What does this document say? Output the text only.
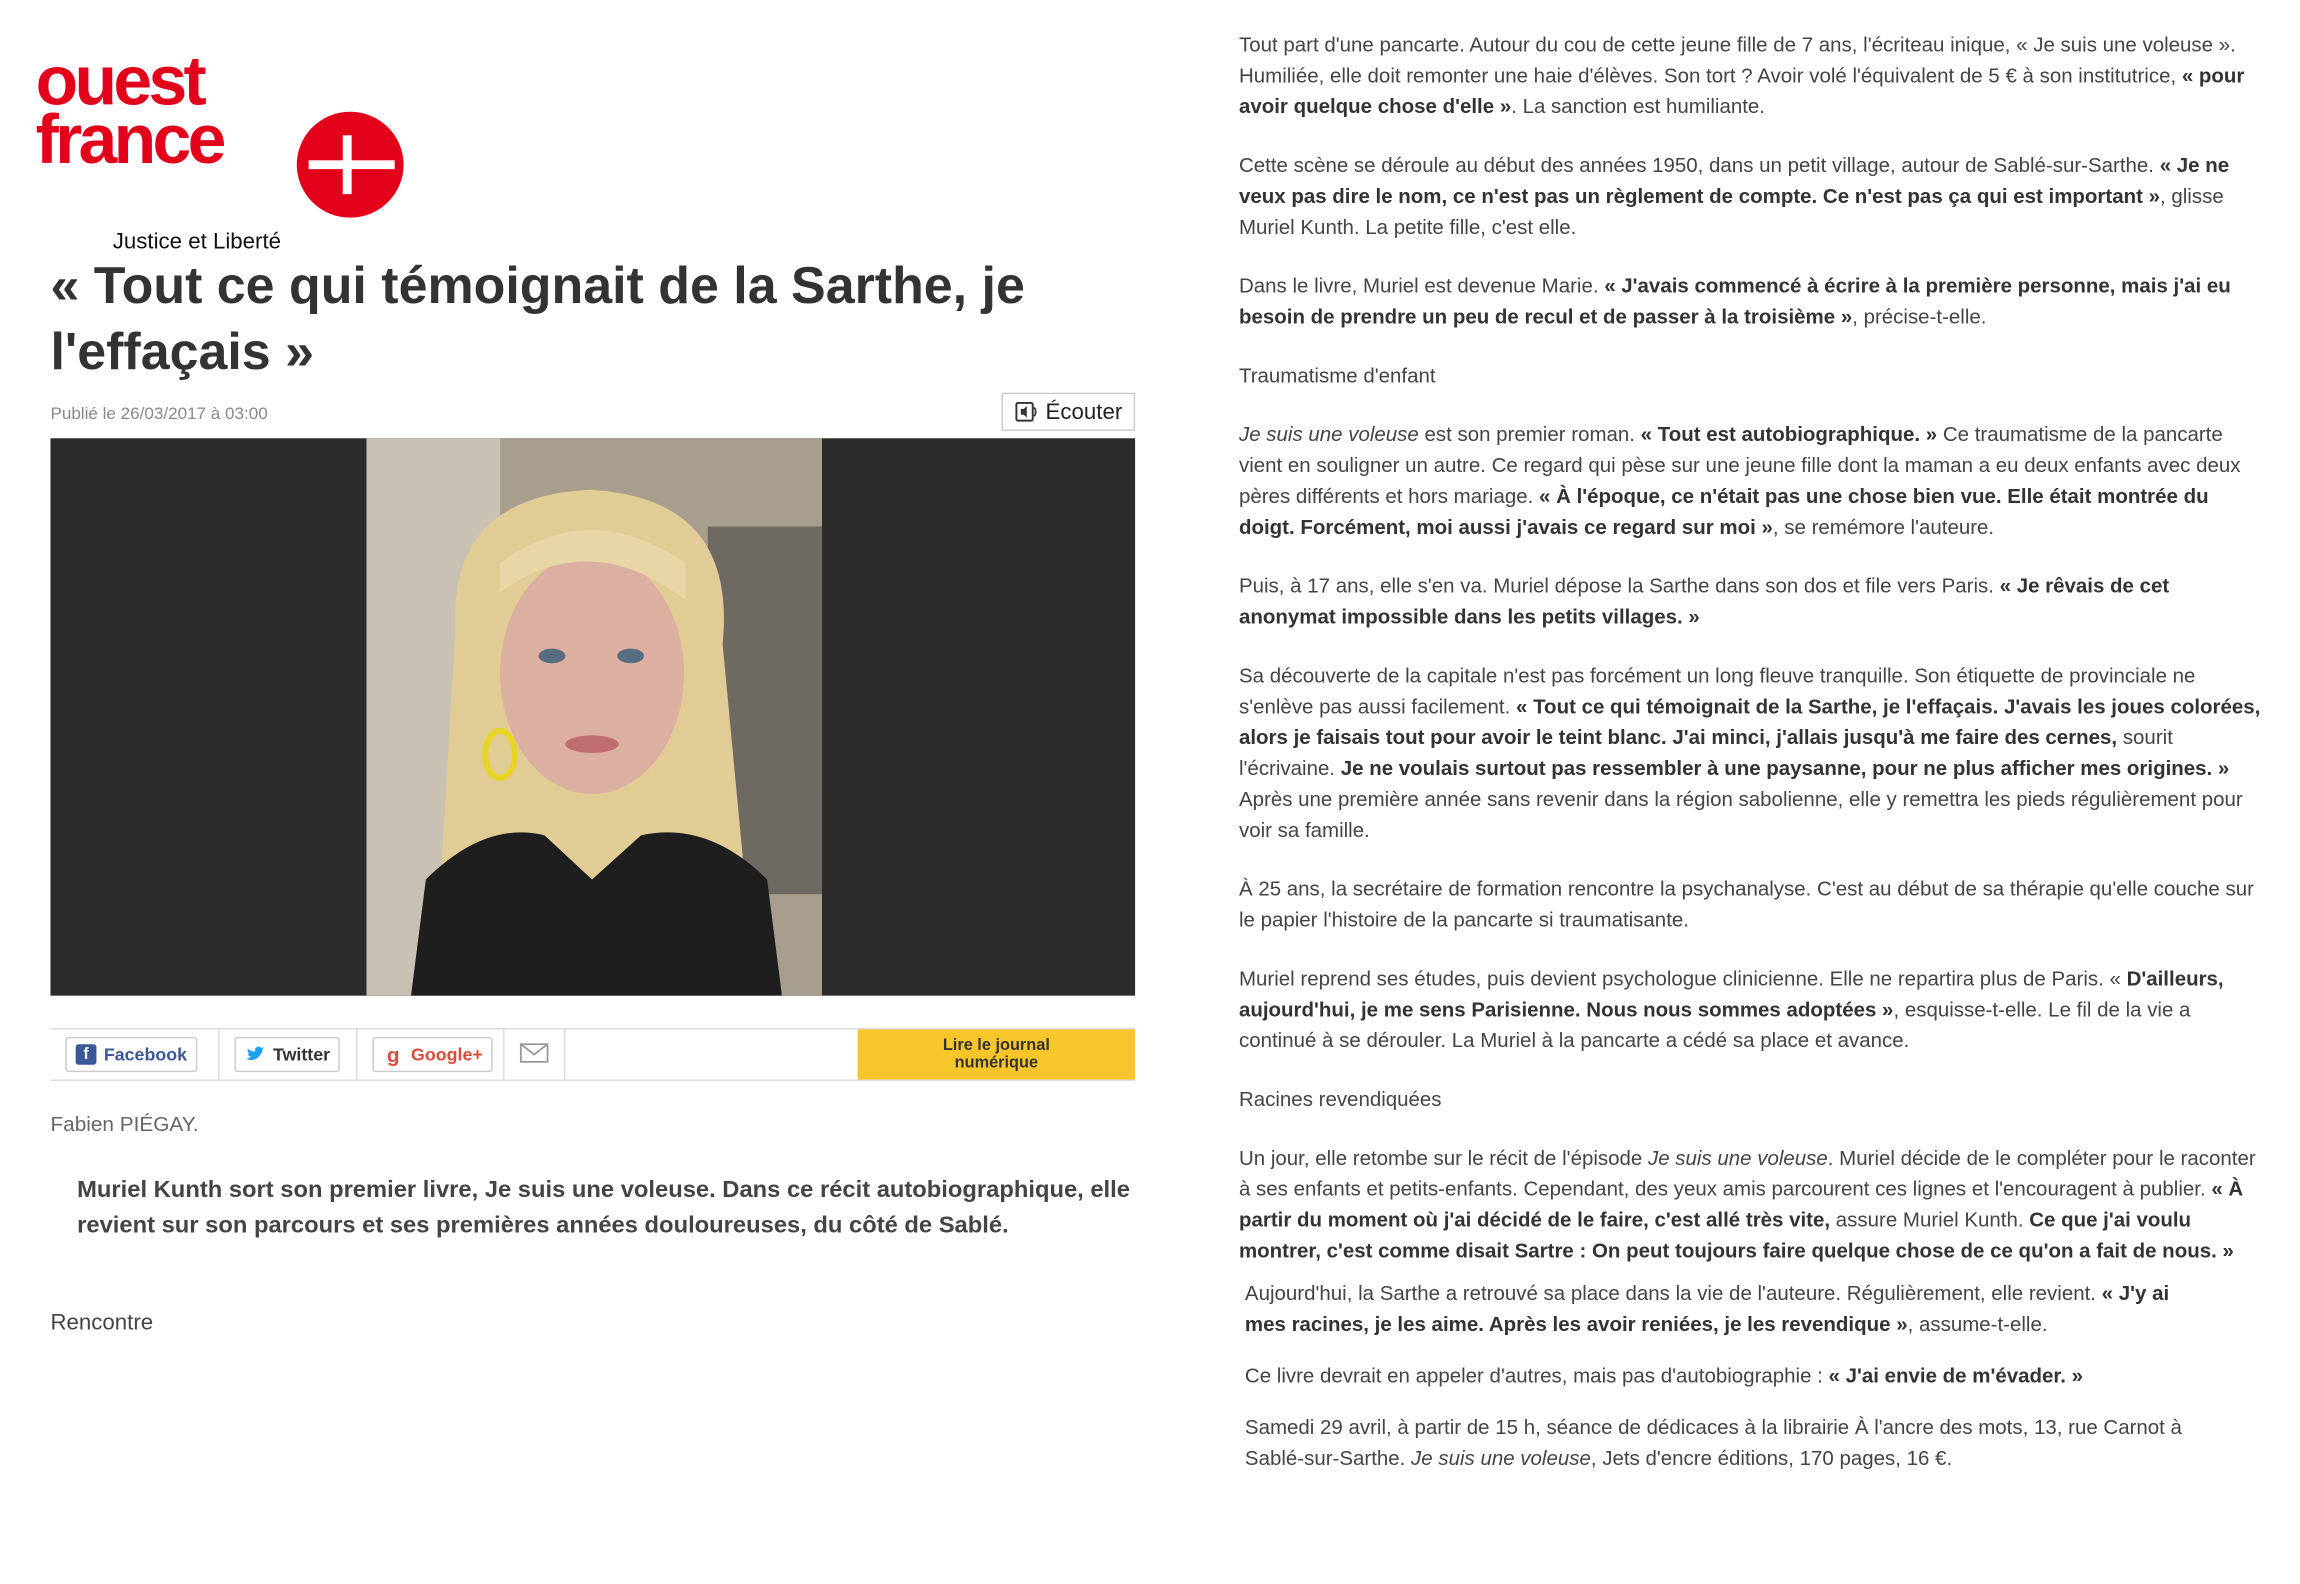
ouest
france
Justice et Liberté
« Tout ce qui témoignait de la Sarthe, je l'effaçais »
Publié le 26/03/2017 à 03:00	Écouter
f	Facebook	Twitter	g Google+	Lire le journal
numérique
Fabien PIÉGAY.

Muriel Kunth sort son premier livre, Je suis une voleuse. Dans ce récit autobiographique, elle revient sur son parcours et ses premières années douloureuses, du côté de Sablé.

Rencontre

Tout part d'une pancarte. Autour du cou de cette jeune fille de 7 ans, l'écriteau inique, « Je suis une voleuse ». Humiliée, elle doit remonter une haie d'élèves. Son tort ? Avoir volé l'équivalent de 5 € à son institutrice, « pour avoir quelque chose d'elle ». La sanction est humiliante.

Cette scène se déroule au début des années 1950, dans un petit village, autour de Sablé-sur-Sarthe. « Je ne veux pas dire le nom, ce n'est pas un règlement de compte. Ce n'est pas ça qui est important », glisse Muriel Kunth. La petite fille, c'est elle.

Dans le livre, Muriel est devenue Marie. « J'avais commencé à écrire à la première personne, mais j'ai eu besoin de prendre un peu de recul et de passer à la troisième », précise-t-elle.

Traumatisme d'enfant

Je suis une voleuse est son premier roman. « Tout est autobiographique. » Ce traumatisme de la pancarte vient en souligner un autre. Ce regard qui pèse sur une jeune fille dont la maman a eu deux enfants avec deux pères différents et hors mariage. « À l'époque, ce n'était pas une chose bien vue. Elle était montrée du doigt. Forcément, moi aussi j'avais ce regard sur moi », se remémore l'auteure.

Puis, à 17 ans, elle s'en va. Muriel dépose la Sarthe dans son dos et file vers Paris. « Je rêvais de cet anonymat impossible dans les petits villages. »

Sa découverte de la capitale n'est pas forcément un long fleuve tranquille. Son étiquette de provinciale ne s'enlève pas aussi facilement. « Tout ce qui témoignait de la Sarthe, je l'effaçais. J'avais les joues colorées, alors je faisais tout pour avoir le teint blanc. J'ai minci, j'allais jusqu'à me faire des cernes, sourit l'écrivaine. Je ne voulais surtout pas ressembler à une paysanne, pour ne plus afficher mes origines. » Après une première année sans revenir dans la région sabolienne, elle y remettra les pieds régulièrement pour voir sa famille.

À 25 ans, la secrétaire de formation rencontre la psychanalyse. C'est au début de sa thérapie qu'elle couche sur le papier l'histoire de la pancarte si traumatisante.

Muriel reprend ses études, puis devient psychologue clinicienne. Elle ne repartira plus de Paris. « D'ailleurs, aujourd'hui, je me sens Parisienne. Nous nous sommes adoptées », esquisse-t-elle. Le fil de la vie a continué à se dérouler. La Muriel à la pancarte a cédé sa place et avance.

Racines revendiquées

Un jour, elle retombe sur le récit de l'épisode Je suis une voleuse. Muriel décide de le compléter pour le raconter à ses enfants et petits-enfants. Cependant, des yeux amis parcourent ces lignes et l'encouragent à publier. « À partir du moment où j'ai décidé de le faire, c'est allé très vite, assure Muriel Kunth. Ce que j'ai voulu montrer, c'est comme disait Sartre : On peut toujours faire quelque chose de ce qu'on a fait de nous. »

Aujourd'hui, la Sarthe a retrouvé sa place dans la vie de l'auteure. Régulièrement, elle revient. « J'y ai mes racines, je les aime. Après les avoir reniées, je les revendique », assume-t-elle.

Ce livre devrait en appeler d'autres, mais pas d'autobiographie : « J'ai envie de m'évader. »

Samedi 29 avril, à partir de 15 h, séance de dédicaces à la librairie À l'ancre des mots, 13, rue Carnot à Sablé-sur-Sarthe. Je suis une voleuse, Jets d'encre éditions, 170 pages, 16 €.
